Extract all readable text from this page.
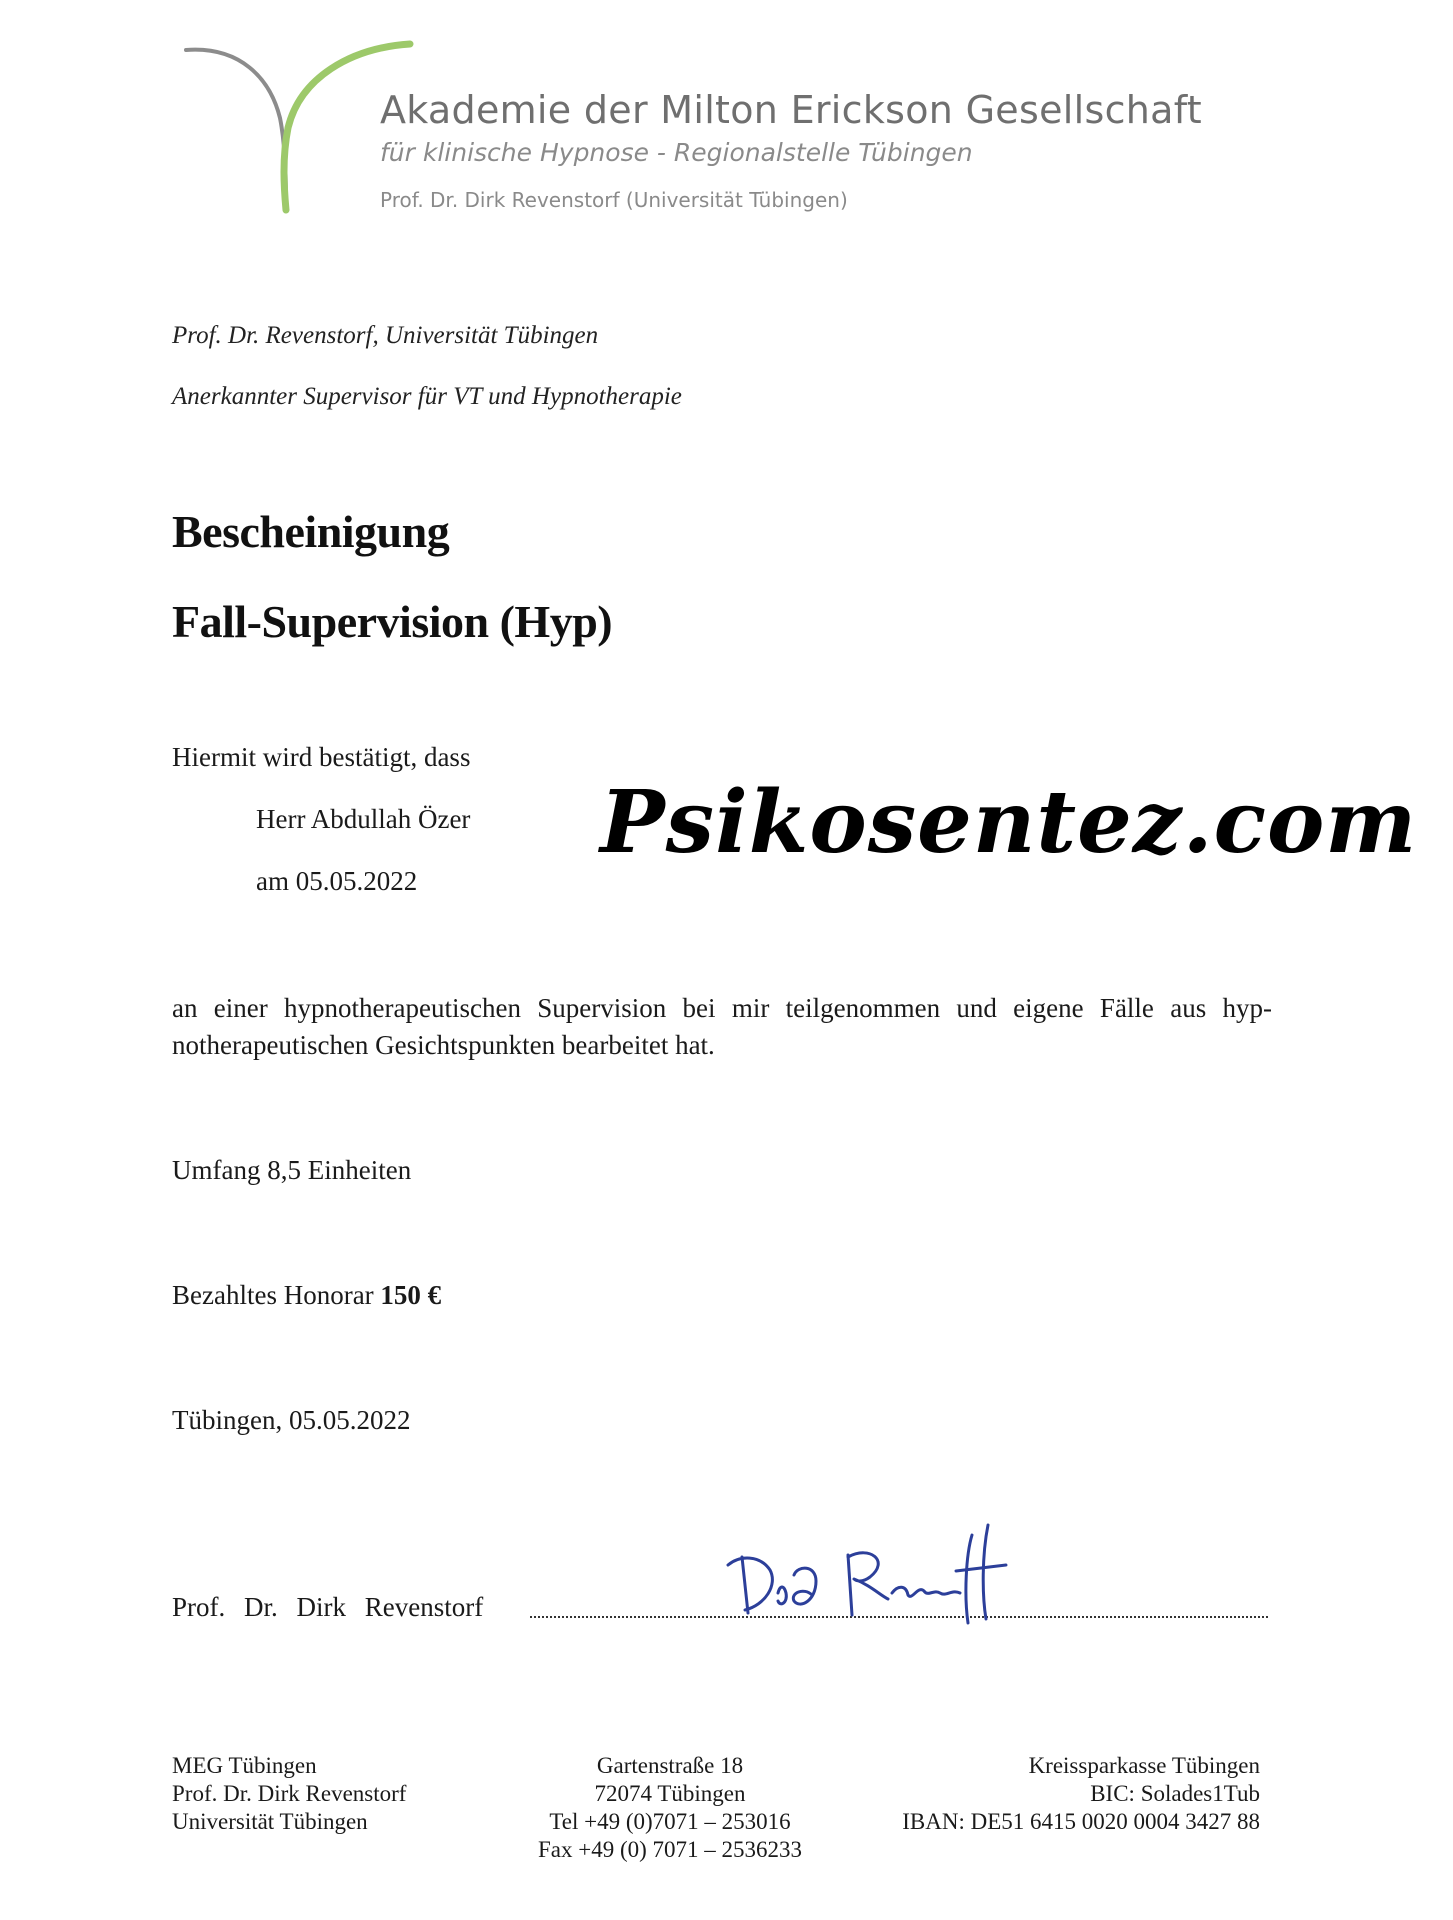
Akademie der Milton Erickson Gesellschaft
für klinische Hypnose - Regionalstelle Tübingen
Prof. Dr. Dirk Revenstorf (Universität Tübingen)
Prof. Dr. Revenstorf, Universität Tübingen
Anerkannter Supervisor für VT und Hypnotherapie
Bescheinigung
Fall-Supervision (Hyp)
Hiermit wird bestätigt, dass
Herr Abdullah Özer
am 05.05.2022
Psikosentez.com
an einer hypnotherapeutischen Supervision bei mir teilgenommen und eigene Fälle aus hyp-
notherapeutischen Gesichtspunkten bearbeitet hat.
Umfang 8,5 Einheiten
Bezahltes Honorar 150 €
Tübingen, 05.05.2022
Prof. Dr. Dirk Revenstorf
MEG Tübingen
Prof. Dr. Dirk Revenstorf
Universität Tübingen
Gartenstraße 18
72074 Tübingen
Tel +49 (0)7071 – 253016
Fax +49 (0) 7071 – 2536233
Kreissparkasse Tübingen
BIC: Solades1Tub
IBAN: DE51 6415 0020 0004 3427 88
